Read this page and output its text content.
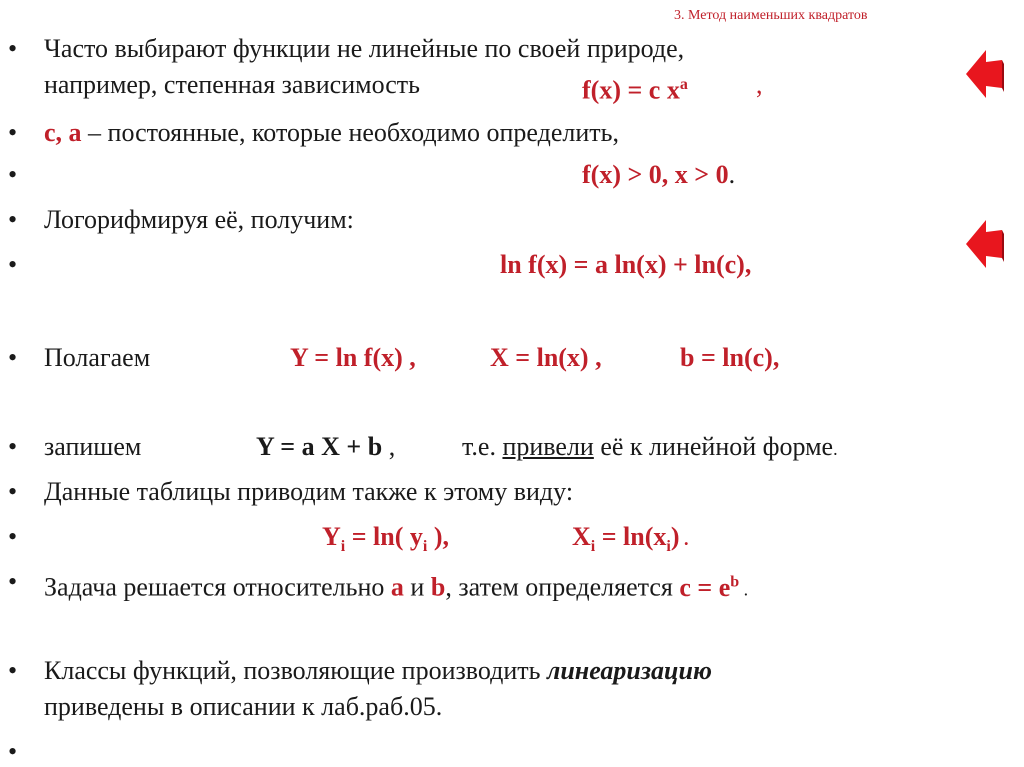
3. Метод наименьших квадратов
•
•
•
•
•
•
•
•
•
•
•
•
Часто выбирают функции не линейные по своей природе,
например, степенная зависимость	f(x) = c $x^a$	,
c, a – постоянные, которые необходимо определить,
f(x) > 0, x > 0.
Логорифмируя её, получим:
ln f(x) = a ln(x) + ln(c),
Полагаем	Y = ln f(x) ,	X = ln(x) ,	b = ln(c),
запишем	Y = a X + b ,	т.е. привели её к линейной форме.
Данные таблицы приводим также к этому виду:
$Y_i = \ln$( $y_i$ ),	$X_i = \ln(x_i)$ .
Задача решается относительно a и b, затем определяется $c = e^b$ .
Классы функций, позволяющие производить линеаризацию
приведены в описании к лаб.раб.05.
